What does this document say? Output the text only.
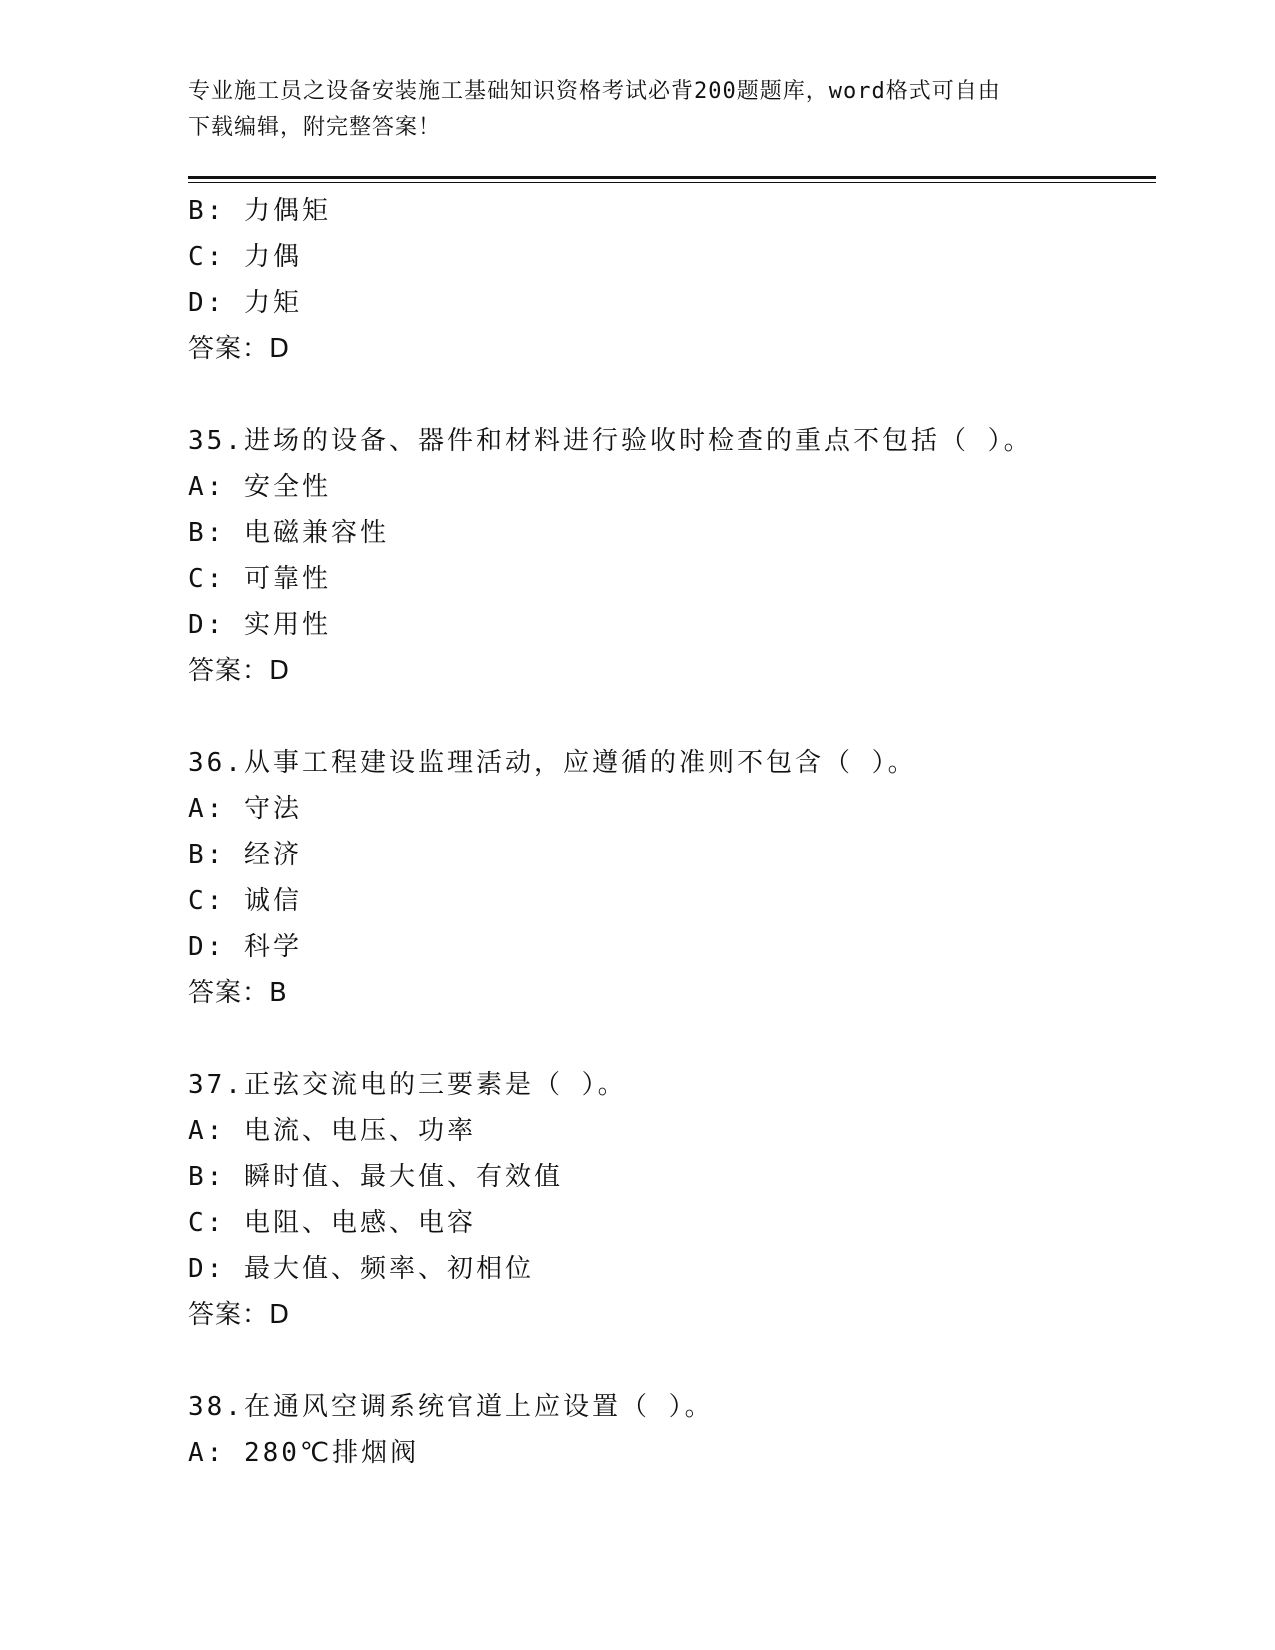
专业施工员之设备安装施工基础知识资格考试必背200题题库，word格式可自由
下载编辑，附完整答案！
B: 力偶矩
C: 力偶
D: 力矩
答案：D
35.进场的设备、器件和材料进行验收时检查的重点不包括（ ）。
A: 安全性
B: 电磁兼容性
C: 可靠性
D: 实用性
答案：D
36.从事工程建设监理活动，应遵循的准则不包含（ ）。
A: 守法
B: 经济
C: 诚信
D: 科学
答案：B
37.正弦交流电的三要素是（ ）。
A: 电流、电压、功率
B: 瞬时值、最大值、有效值
C: 电阻、电感、电容
D: 最大值、频率、初相位
答案：D
38.在通风空调系统官道上应设置（ ）。
A: 280℃排烟阀
